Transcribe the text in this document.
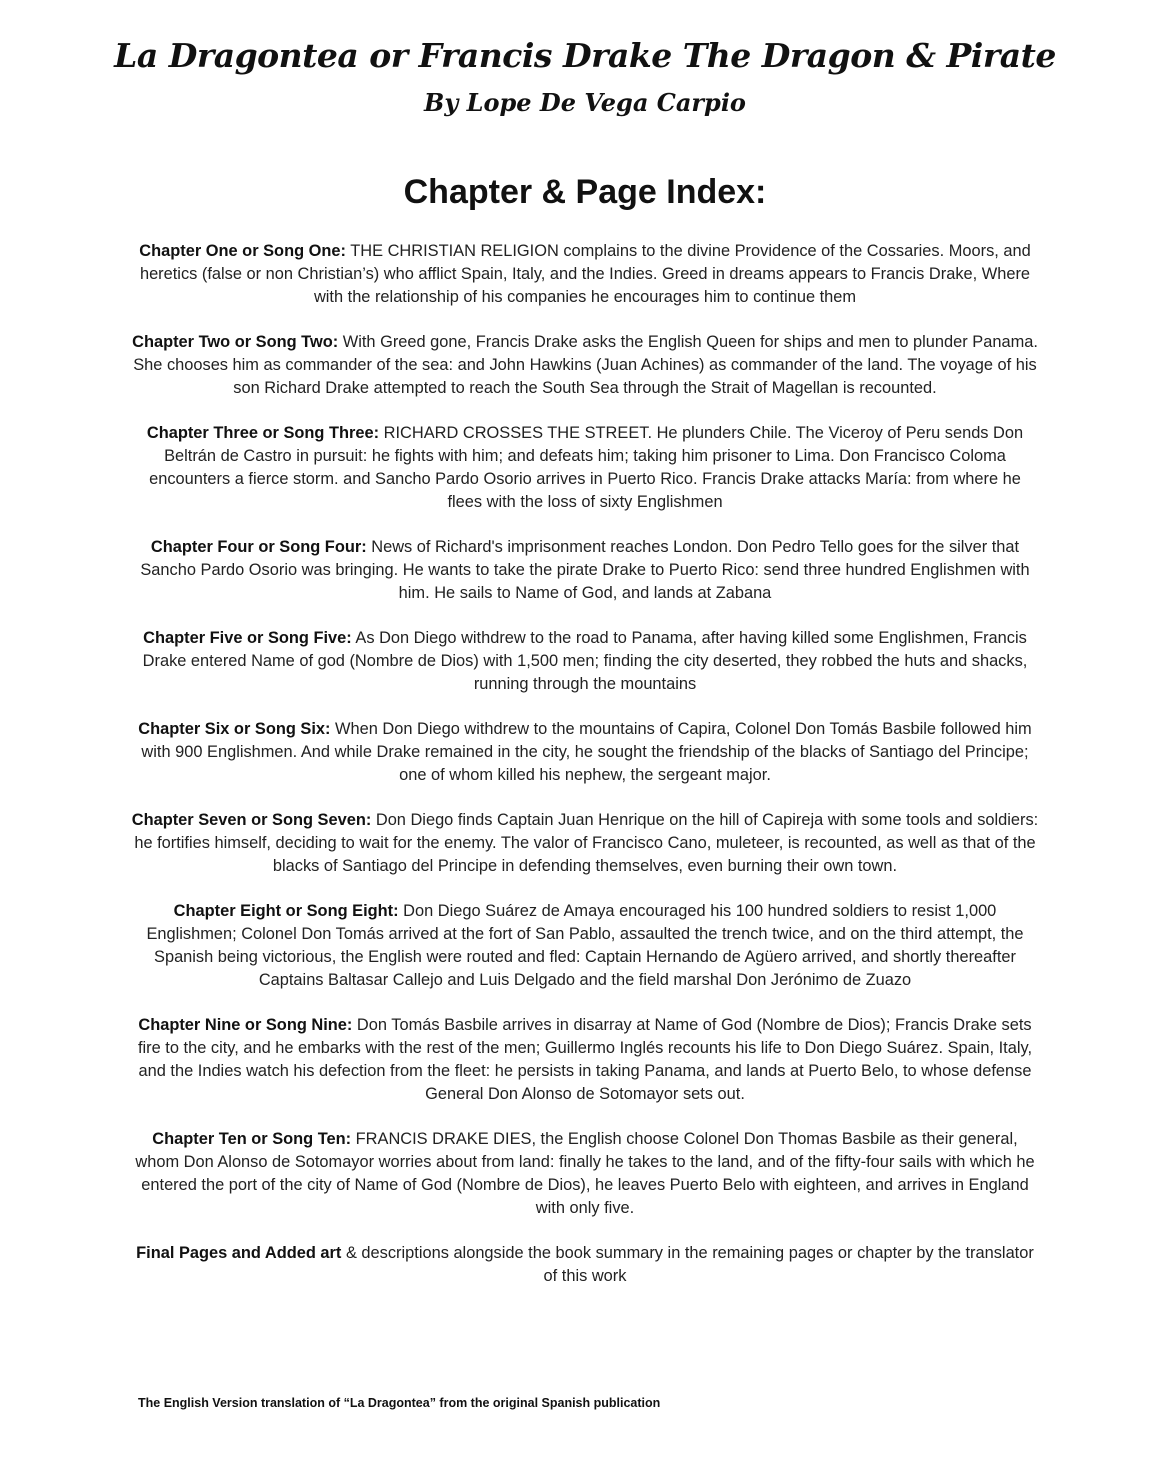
La Dragontea or Francis Drake The Dragon & Pirate
By Lope De Vega Carpio
Chapter & Page Index:

Chapter One or Song One: THE CHRISTIAN RELIGION complains to the divine Providence of the Cossaries. Moors, and heretics (false or non Christian’s) who afflict Spain, Italy, and the Indies. Greed in dreams appears to Francis Drake, Where with the relationship of his companies he encourages him to continue them

Chapter Two or Song Two: With Greed gone, Francis Drake asks the English Queen for ships and men to plunder Panama. She chooses him as commander of the sea: and John Hawkins (Juan Achines) as commander of the land. The voyage of his son Richard Drake attempted to reach the South Sea through the Strait of Magellan is recounted.

Chapter Three or Song Three: RICHARD CROSSES THE STREET. He plunders Chile. The Viceroy of Peru sends Don Beltrán de Castro in pursuit: he fights with him; and defeats him; taking him prisoner to Lima. Don Francisco Coloma encounters a fierce storm. and Sancho Pardo Osorio arrives in Puerto Rico. Francis Drake attacks María: from where he flees with the loss of sixty Englishmen

Chapter Four or Song Four: News of Richard's imprisonment reaches London. Don Pedro Tello goes for the silver that Sancho Pardo Osorio was bringing. He wants to take the pirate Drake to Puerto Rico: send three hundred Englishmen with him. He sails to Name of God, and lands at Zabana

Chapter Five or Song Five: As Don Diego withdrew to the road to Panama, after having killed some Englishmen, Francis Drake entered Name of god (Nombre de Dios) with 1,500 men; finding the city deserted, they robbed the huts and shacks, running through the mountains

Chapter Six or Song Six: When Don Diego withdrew to the mountains of Capira, Colonel Don Tomás Basbile followed him with 900 Englishmen. And while Drake remained in the city, he sought the friendship of the blacks of Santiago del Principe; one of whom killed his nephew, the sergeant major.

Chapter Seven or Song Seven: Don Diego finds Captain Juan Henrique on the hill of Capireja with some tools and soldiers: he fortifies himself, deciding to wait for the enemy. The valor of Francisco Cano, muleteer, is recounted, as well as that of the blacks of Santiago del Principe in defending themselves, even burning their own town.

Chapter Eight or Song Eight: Don Diego Suárez de Amaya encouraged his 100 hundred soldiers to resist 1,000 Englishmen; Colonel Don Tomás arrived at the fort of San Pablo, assaulted the trench twice, and on the third attempt, the Spanish being victorious, the English were routed and fled: Captain Hernando de Agüero arrived, and shortly thereafter Captains Baltasar Callejo and Luis Delgado and the field marshal Don Jerónimo de Zuazo

Chapter Nine or Song Nine: Don Tomás Basbile arrives in disarray at Name of God (Nombre de Dios); Francis Drake sets fire to the city, and he embarks with the rest of the men; Guillermo Inglés recounts his life to Don Diego Suárez. Spain, Italy, and the Indies watch his defection from the fleet: he persists in taking Panama, and lands at Puerto Belo, to whose defense General Don Alonso de Sotomayor sets out.

Chapter Ten or Song Ten: FRANCIS DRAKE DIES, the English choose Colonel Don Thomas Basbile as their general, whom Don Alonso de Sotomayor worries about from land: finally he takes to the land, and of the fifty-four sails with which he entered the port of the city of Name of God (Nombre de Dios), he leaves Puerto Belo with eighteen, and arrives in England with only five.

Final Pages and Added art & descriptions alongside the book summary in the remaining pages or chapter by the translator of this work

The English Version translation of “La Dragontea” from the original Spanish publication
